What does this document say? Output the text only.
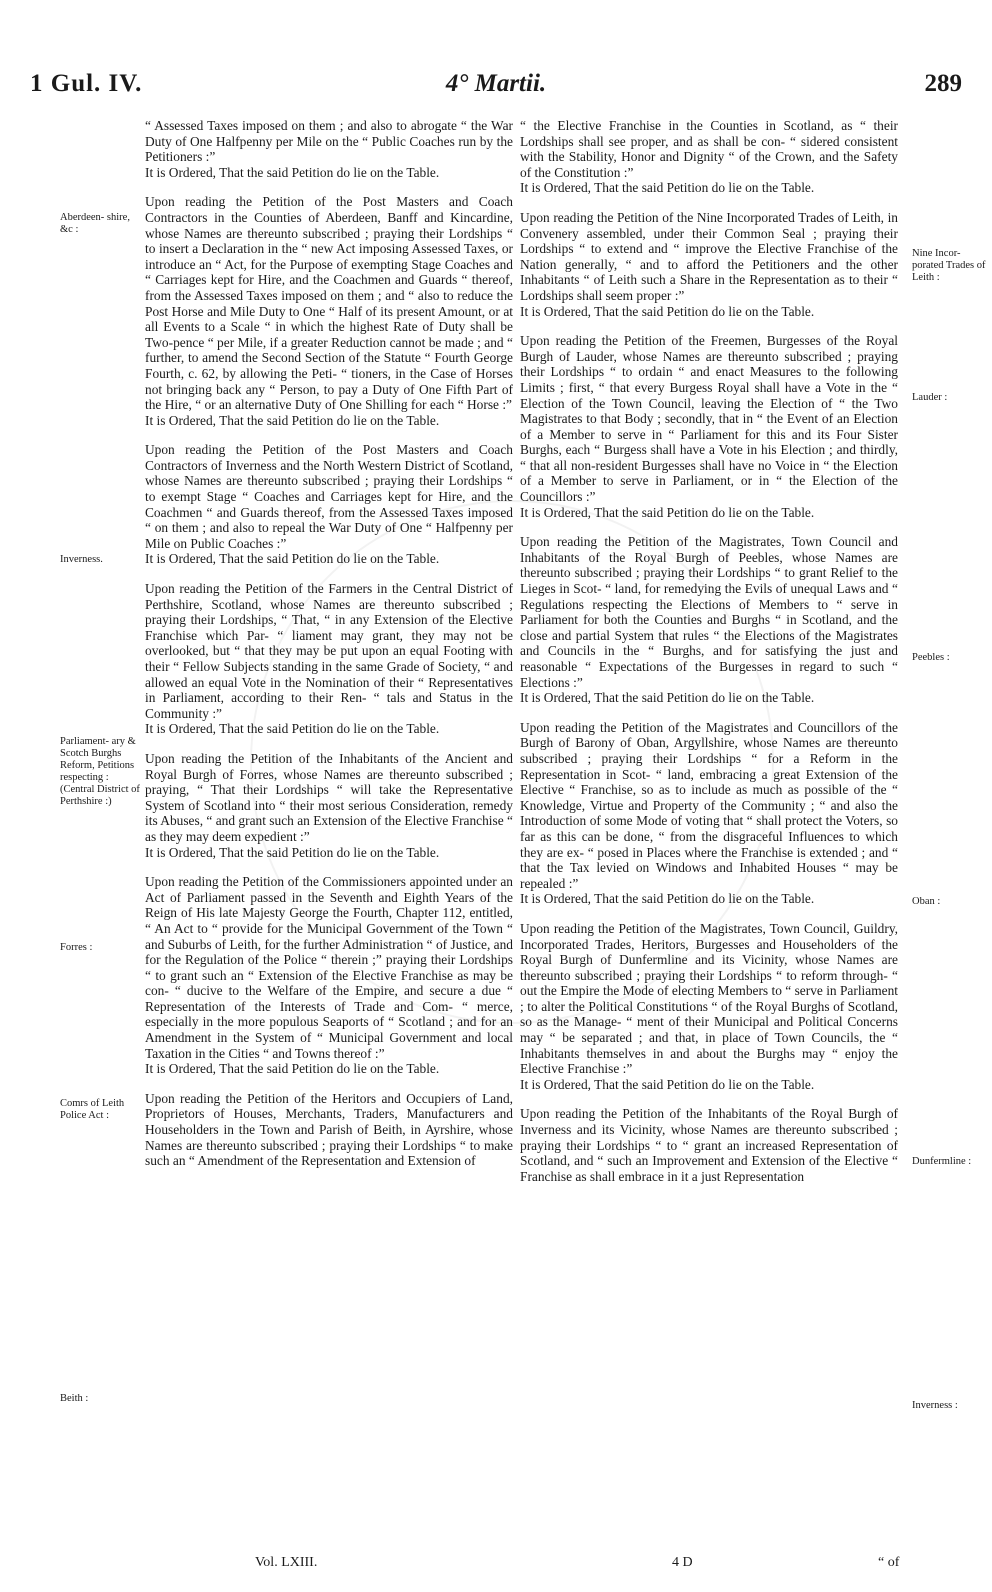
4° Martii.
1 Gul. IV.	289

“ Assessed Taxes imposed on them ; and also to abrogate “ the War Duty of One Halfpenny per Mile on the “ Public Coaches run by the Petitioners :”

It is Ordered, That the said Petition do lie on the Table.

Upon reading the Petition of the Post Masters and Coach Contractors in the Counties of Aberdeen, Banff and Kincardine, whose Names are thereunto subscribed ; praying their Lordships “ to insert a Declaration in the “ new Act imposing Assessed Taxes, or introduce an “ Act, for the Purpose of exempting Stage Coaches and “ Carriages kept for Hire, and the Coachmen and Guards “ thereof, from the Assessed Taxes imposed on them ; and “ also to reduce the Post Horse and Mile Duty to One “ Half of its present Amount, or at all Events to a Scale “ in which the highest Rate of Duty shall be Two-pence “ per Mile, if a greater Reduction cannot be made ; and “ further, to amend the Second Section of the Statute “ Fourth George Fourth, c. 62, by allowing the Peti- “ tioners, in the Case of Horses not bringing back any “ Person, to pay a Duty of One Fifth Part of the Hire, “ or an alternative Duty of One Shilling for each “ Horse :”

It is Ordered, That the said Petition do lie on the Table.

Upon reading the Petition of the Post Masters and Coach Contractors of Inverness and the North Western District of Scotland, whose Names are thereunto subscribed ; praying their Lordships “ to exempt Stage “ Coaches and Carriages kept for Hire, and the Coachmen “ and Guards thereof, from the Assessed Taxes imposed “ on them ; and also to repeal the War Duty of One “ Halfpenny per Mile on Public Coaches :”

It is Ordered, That the said Petition do lie on the Table.

Upon reading the Petition of the Farmers in the Central District of Perthshire, Scotland, whose Names are thereunto subscribed ; praying their Lordships, “ That, “ in any Extension of the Elective Franchise which Par- “ liament may grant, they may not be overlooked, but “ that they may be put upon an equal Footing with their “ Fellow Subjects standing in the same Grade of Society, “ and allowed an equal Vote in the Nomination of their “ Representatives in Parliament, according to their Ren- “ tals and Status in the Community :”

It is Ordered, That the said Petition do lie on the Table.

Upon reading the Petition of the Inhabitants of the Ancient and Royal Burgh of Forres, whose Names are thereunto subscribed ; praying, “ That their Lordships “ will take the Representative System of Scotland into “ their most serious Consideration, remedy its Abuses, “ and grant such an Extension of the Elective Franchise “ as they may deem expedient :”

It is Ordered, That the said Petition do lie on the Table.

Upon reading the Petition of the Commissioners appointed under an Act of Parliament passed in the Seventh and Eighth Years of the Reign of His late Majesty George the Fourth, Chapter 112, entitled, “ An Act to “ provide for the Municipal Government of the Town “ and Suburbs of Leith, for the further Administration “ of Justice, and for the Regulation of the Police “ therein ;” praying their Lordships “ to grant such an “ Extension of the Elective Franchise as may be con- “ ducive to the Welfare of the Empire, and secure a due “ Representation of the Interests of Trade and Com- “ merce, especially in the more populous Seaports of “ Scotland ; and for an Amendment in the System of “ Municipal Government and local Taxation in the Cities “ and Towns thereof :”

It is Ordered, That the said Petition do lie on the Table.

Upon reading the Petition of the Heritors and Occupiers of Land, Proprietors of Houses, Merchants, Traders, Manufacturers and Householders in the Town and Parish of Beith, in Ayrshire, whose Names are thereunto subscribed ; praying their Lordships “ to make such an “ Amendment of the Representation and Extension of

“ the Elective Franchise in the Counties in Scotland, as “ their Lordships shall see proper, and as shall be con- “ sidered consistent with the Stability, Honor and Dignity “ of the Crown, and the Safety of the Constitution :”

It is Ordered, That the said Petition do lie on the Table.

Upon reading the Petition of the Nine Incorporated Trades of Leith, in Convenery assembled, under their Common Seal ; praying their Lordships “ to extend and “ improve the Elective Franchise of the Nation generally, “ and to afford the Petitioners and the other Inhabitants “ of Leith such a Share in the Representation as to their “ Lordships shall seem proper :”

It is Ordered, That the said Petition do lie on the Table.

Upon reading the Petition of the Freemen, Burgesses of the Royal Burgh of Lauder, whose Names are thereunto subscribed ; praying their Lordships “ to ordain “ and enact Measures to the following Limits ; first, “ that every Burgess Royal shall have a Vote in the “ Election of the Town Council, leaving the Election of “ the Two Magistrates to that Body ; secondly, that in “ the Event of an Election of a Member to serve in “ Parliament for this and its Four Sister Burghs, each “ Burgess shall have a Vote in his Election ; and thirdly, “ that all non-resident Burgesses shall have no Voice in “ the Election of a Member to serve in Parliament, or in “ the Election of the Councillors :”

It is Ordered, That the said Petition do lie on the Table.

Upon reading the Petition of the Magistrates, Town Council and Inhabitants of the Royal Burgh of Peebles, whose Names are thereunto subscribed ; praying their Lordships “ to grant Relief to the Lieges in Scot- “ land, for remedying the Evils of unequal Laws and “ Regulations respecting the Elections of Members to “ serve in Parliament for both the Counties and Burghs “ in Scotland, and the close and partial System that rules “ the Elections of the Magistrates and Councils in the “ Burghs, and for satisfying the just and reasonable “ Expectations of the Burgesses in regard to such “ Elections :”

It is Ordered, That the said Petition do lie on the Table.

Upon reading the Petition of the Magistrates and Councillors of the Burgh of Barony of Oban, Argyllshire, whose Names are thereunto subscribed ; praying their Lordships “ for a Reform in the Representation in Scot- “ land, embracing a great Extension of the Elective “ Franchise, so as to include as much as possible of the “ Knowledge, Virtue and Property of the Community ; “ and also the Introduction of some Mode of voting that “ shall protect the Voters, so far as this can be done, “ from the disgraceful Influences to which they are ex- “ posed in Places where the Franchise is extended ; and “ that the Tax levied on Windows and Inhabited Houses “ may be repealed :”

It is Ordered, That the said Petition do lie on the Table.

Upon reading the Petition of the Magistrates, Town Council, Guildry, Incorporated Trades, Heritors, Burgesses and Householders of the Royal Burgh of Dunfermline and its Vicinity, whose Names are thereunto subscribed ; praying their Lordships “ to reform through- “ out the Empire the Mode of electing Members to “ serve in Parliament ; to alter the Political Constitutions “ of the Royal Burghs of Scotland, so as the Manage- “ ment of their Municipal and Political Concerns may “ be separated ; and that, in place of Town Councils, the “ Inhabitants themselves in and about the Burghs may “ enjoy the Elective Franchise :”

It is Ordered, That the said Petition do lie on the Table.

Upon reading the Petition of the Inhabitants of the Royal Burgh of Inverness and its Vicinity, whose Names are thereunto subscribed ; praying their Lordships “ to “ grant an increased Representation of Scotland, and “ such an Improvement and Extension of the Elective “ Franchise as shall embrace in it a just Representation

Aberdeen- shire, &c :
Inverness.
Parliament- ary & Scotch Burghs Reform, Petitions respecting : (Central District of Perthshire :)
Forres :
Comrs of Leith Police Act :
Beith :
Nine Incor- porated Trades of Leith :
Lauder :
Peebles :
Oban :
Dunfermline :
Inverness :
Vol. LXIII.	4 D	“ of
